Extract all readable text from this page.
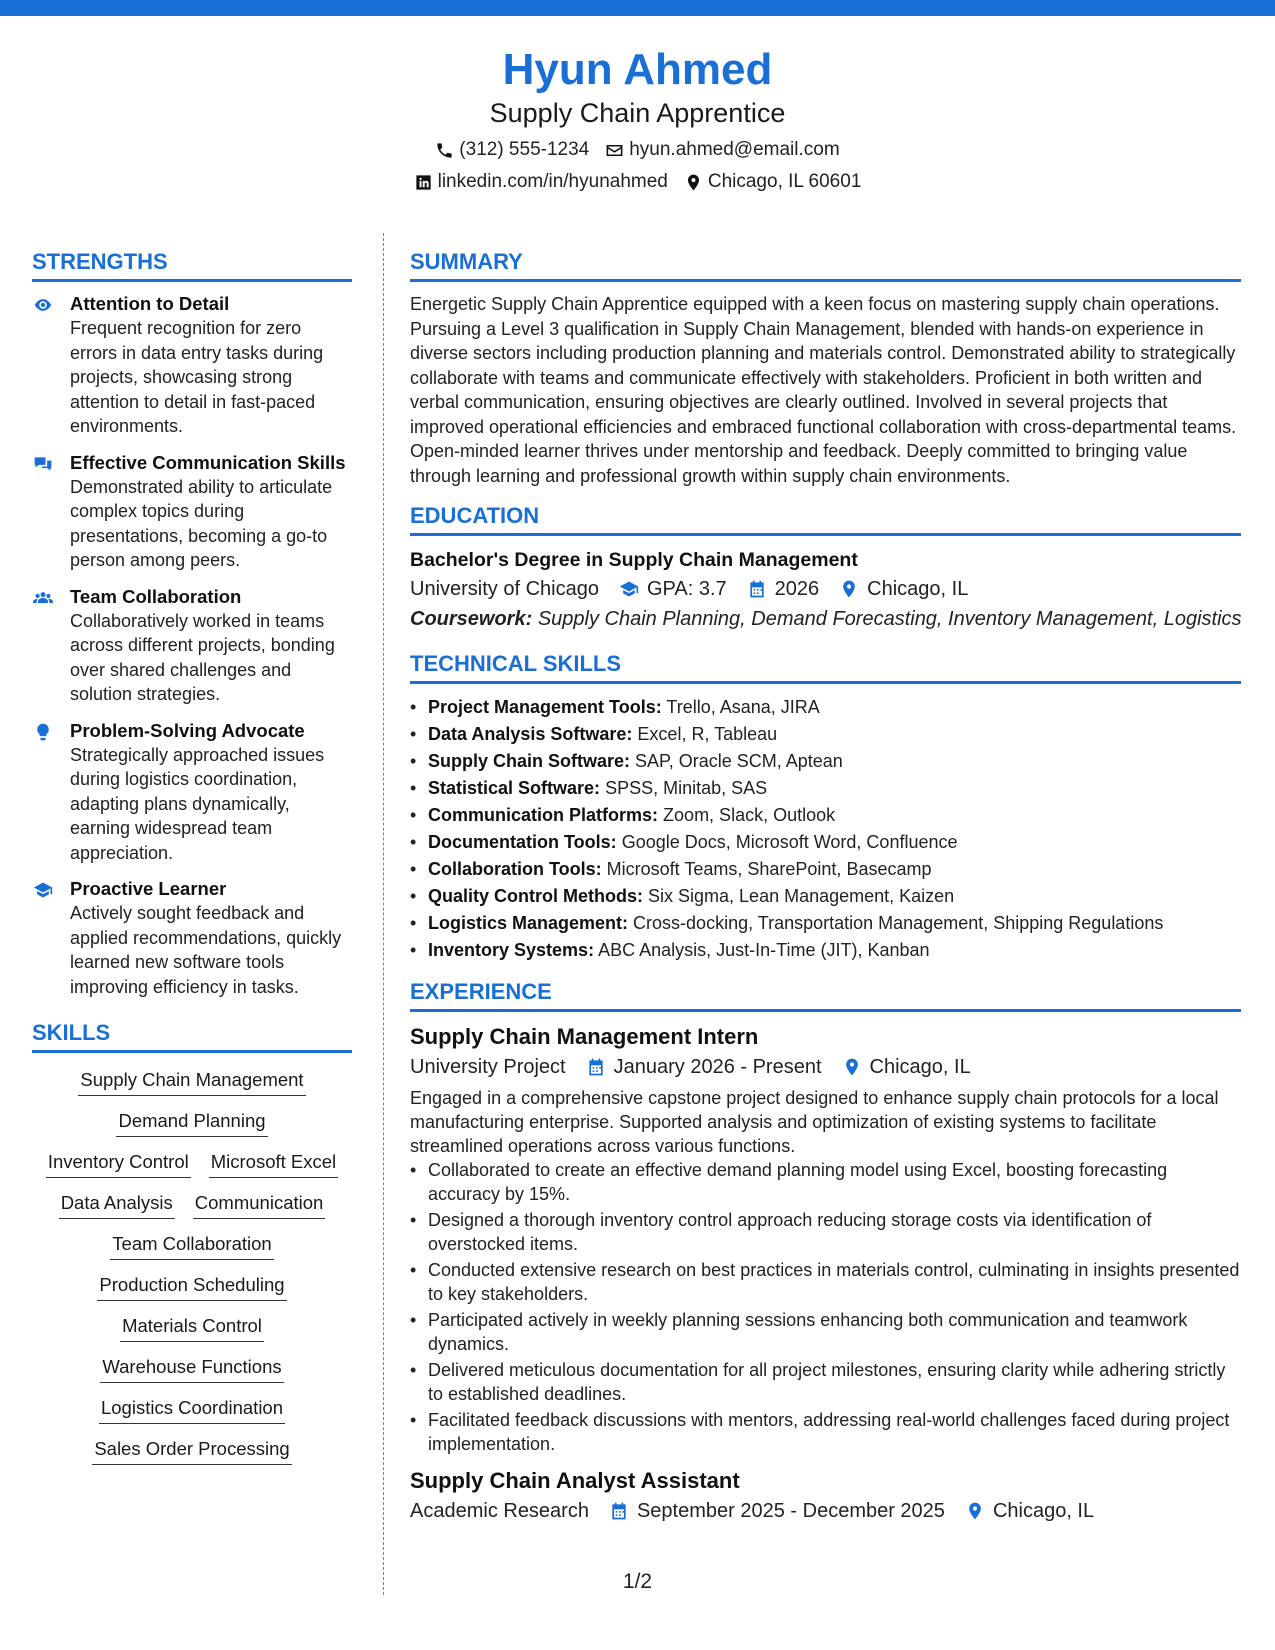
Hyun Ahmed
Supply Chain Apprentice
(312) 555-1234 hyun.ahmed@email.com
linkedin.com/in/hyunahmed Chicago, IL 60601
STRENGTHS
Attention to Detail
Frequent recognition for zero errors in data entry tasks during projects, showcasing strong attention to detail in fast-paced environments.
Effective Communication Skills
Demonstrated ability to articulate complex topics during presentations, becoming a go-to person among peers.
Team Collaboration
Collaboratively worked in teams across different projects, bonding over shared challenges and solution strategies.
Problem-Solving Advocate
Strategically approached issues during logistics coordination, adapting plans dynamically, earning widespread team appreciation.
Proactive Learner
Actively sought feedback and applied recommendations, quickly learned new software tools improving efficiency in tasks.
SKILLS
Supply Chain Management
Demand Planning
Inventory Control Microsoft Excel
Data Analysis Communication
Team Collaboration
Production Scheduling
Materials Control
Warehouse Functions
Logistics Coordination
Sales Order Processing
SUMMARY
Energetic Supply Chain Apprentice equipped with a keen focus on mastering supply chain operations. Pursuing a Level 3 qualification in Supply Chain Management, blended with hands-on experience in diverse sectors including production planning and materials control. Demonstrated ability to strategically collaborate with teams and communicate effectively with stakeholders. Proficient in both written and verbal communication, ensuring objectives are clearly outlined. Involved in several projects that improved operational efficiencies and embraced functional collaboration with cross-departmental teams. Open-minded learner thrives under mentorship and feedback. Deeply committed to bringing value through learning and professional growth within supply chain environments.
EDUCATION
Bachelor's Degree in Supply Chain Management
University of Chicago GPA: 3.7 2026 Chicago, IL
Coursework: Supply Chain Planning, Demand Forecasting, Inventory Management, Logistics
TECHNICAL SKILLS
• Project Management Tools: Trello, Asana, JIRA
• Data Analysis Software: Excel, R, Tableau
• Supply Chain Software: SAP, Oracle SCM, Aptean
• Statistical Software: SPSS, Minitab, SAS
• Communication Platforms: Zoom, Slack, Outlook
• Documentation Tools: Google Docs, Microsoft Word, Confluence
• Collaboration Tools: Microsoft Teams, SharePoint, Basecamp
• Quality Control Methods: Six Sigma, Lean Management, Kaizen
• Logistics Management: Cross-docking, Transportation Management, Shipping Regulations
• Inventory Systems: ABC Analysis, Just-In-Time (JIT), Kanban
EXPERIENCE
Supply Chain Management Intern
University Project January 2026 - Present Chicago, IL
Engaged in a comprehensive capstone project designed to enhance supply chain protocols for a local manufacturing enterprise. Supported analysis and optimization of existing systems to facilitate streamlined operations across various functions.
• Collaborated to create an effective demand planning model using Excel, boosting forecasting accuracy by 15%.
• Designed a thorough inventory control approach reducing storage costs via identification of overstocked items.
• Conducted extensive research on best practices in materials control, culminating in insights presented to key stakeholders.
• Participated actively in weekly planning sessions enhancing both communication and teamwork dynamics.
• Delivered meticulous documentation for all project milestones, ensuring clarity while adhering strictly to established deadlines.
• Facilitated feedback discussions with mentors, addressing real-world challenges faced during project implementation.
Supply Chain Analyst Assistant
Academic Research September 2025 - December 2025 Chicago, IL
1/2
